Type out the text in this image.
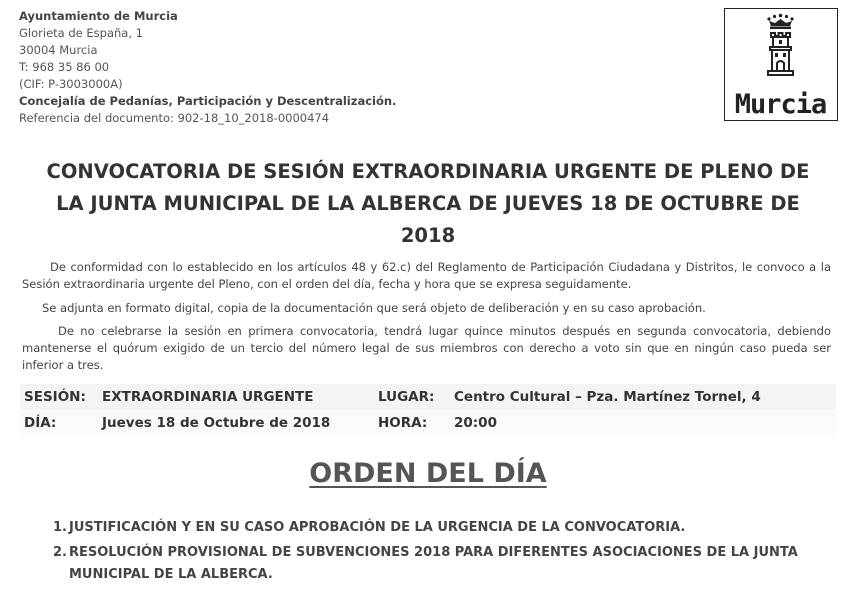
Ayuntamiento de Murcia
Glorieta de España, 1
30004 Murcia
T: 968 35 86 00
(CIF: P-3003000A)
Concejalía de Pedanías, Participación y Descentralización.
Referencia del documento: 902-18_10_2018-0000474	Murcia
CONVOCATORIA DE SESIÓN EXTRAORDINARIA URGENTE DE PLENO DE LA JUNTA MUNICIPAL DE LA ALBERCA DE JUEVES 18 DE OCTUBRE DE 2018

De conformidad con lo establecido en los artículos 48 y 62.c) del Reglamento de Participación Ciudadana y Distritos, le convoco a la Sesión extraordinaria urgente del Pleno, con el orden del día, fecha y hora que se expresa seguidamente.

Se adjunta en formato digital, copia de la documentación que será objeto de deliberación y en su caso aprobación.

De no celebrarse la sesión en primera convocatoria, tendrá lugar quince minutos después en segunda convocatoria, debiendo mantenerse el quórum exigido de un tercio del número legal de sus miembros con derecho a voto sin que en ningún caso pueda ser inferior a tres.

SESIÓN:	EXTRAORDINARIA URGENTE	LUGAR:	Centro Cultural – Pza. Martínez Tornel, 4
DÍA:	Jueves 18 de Octubre de 2018	HORA:	20:00
ORDEN DEL DÍA
1. JUSTIFICACIÓN Y EN SU CASO APROBACIÓN DE LA URGENCIA DE LA CONVOCATORIA.
2. RESOLUCIÓN PROVISIONAL DE SUBVENCIONES 2018 PARA DIFERENTES ASOCIACIONES DE LA JUNTA MUNICIPAL DE LA ALBERCA.
